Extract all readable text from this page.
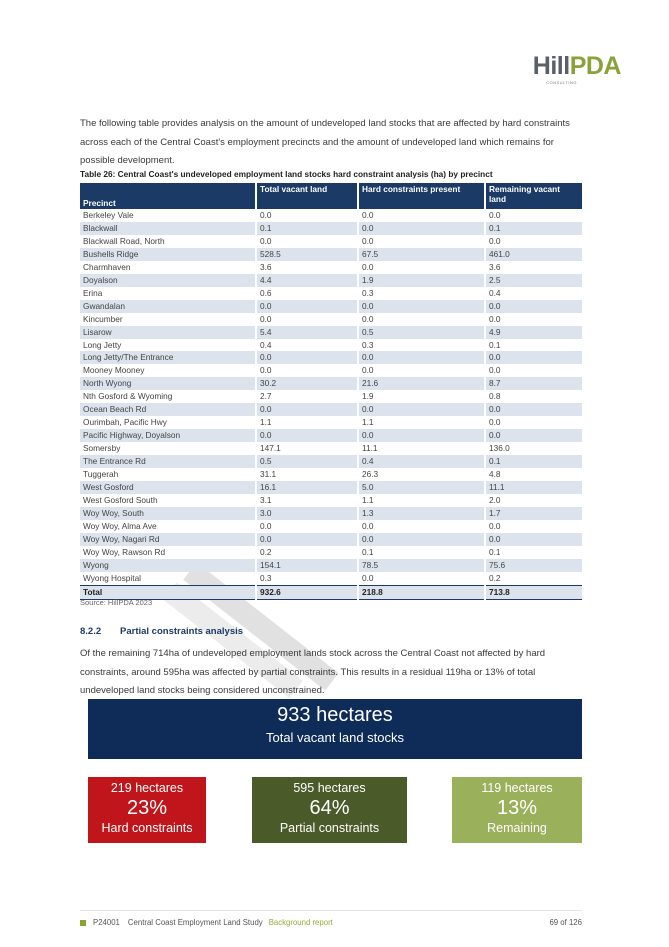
HillPDA
CONSULTING

The following table provides analysis on the amount of undeveloped land stocks that are affected by hard constraints across each of the Central Coast's employment precincts and the amount of undeveloped land which remains for possible development.

Table 26: Central Coast's undeveloped employment land stocks hard constraint analysis (ha) by precinct
Precinct	Total vacant land	Hard constraints present	Remaining vacant land
Berkeley Vale	0.0	0.0	0.0
Blackwall	0.1	0.0	0.1
Blackwall Road, North	0.0	0.0	0.0
Bushells Ridge	528.5	67.5	461.0
Charmhaven	3.6	0.0	3.6
Doyalson	4.4	1.9	2.5
Erina	0.6	0.3	0.4
Gwandalan	0.0	0.0	0.0
Kincumber	0.0	0.0	0.0
Lisarow	5.4	0.5	4.9
Long Jetty	0.4	0.3	0.1
Long Jetty/The Entrance	0.0	0.0	0.0
Mooney Mooney	0.0	0.0	0.0
North Wyong	30.2	21.6	8.7
Nth Gosford & Wyoming	2.7	1.9	0.8
Ocean Beach Rd	0.0	0.0	0.0
Ourimbah, Pacific Hwy	1.1	1.1	0.0
Pacific Highway, Doyalson	0.0	0.0	0.0
Somersby	147.1	11.1	136.0
The Entrance Rd	0.5	0.4	0.1
Tuggerah	31.1	26.3	4.8
West Gosford	16.1	5.0	11.1
West Gosford South	3.1	1.1	2.0
Woy Woy, South	3.0	1.3	1.7
Woy Woy, Alma Ave	0.0	0.0	0.0
Woy Woy, Nagari Rd	0.0	0.0	0.0
Woy Woy, Rawson Rd	0.2	0.1	0.1
Wyong	154.1	78.5	75.6
Wyong Hospital	0.3	0.0	0.2
Total	932.6	218.8	713.8
Source: HillPDA 2023
8.2.2 Partial constraints analysis

Of the remaining 714ha of undeveloped employment lands stock across the Central Coast not affected by hard constraints, around 595ha was affected by partial constraints. This results in a residual 119ha or 13% of total undeveloped land stocks being considered unconstrained.

933 hectares
Total vacant land stocks
219 hectares
23%
Hard constraints
595 hectares
64%
Partial constraints
119 hectares
13%
Remaining
P24001 Central Coast Employment Land Study Background report	69 of 126
